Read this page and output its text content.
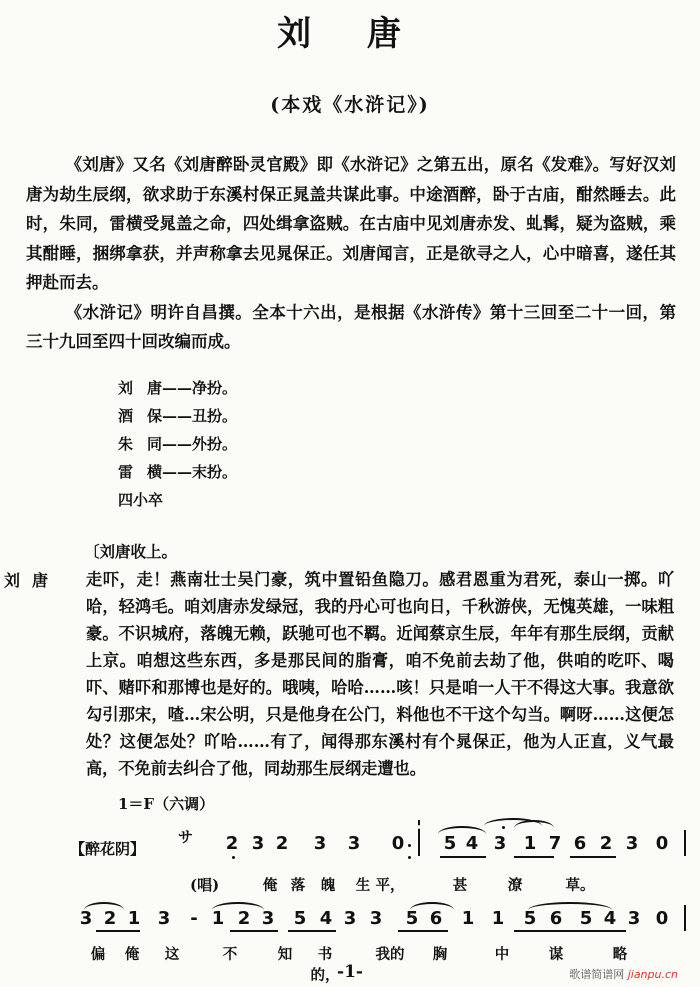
刘 唐
(本戏《水浒记》)

《刘唐》又名《刘唐醉卧灵官殿》即《水浒记》之第五出，原名《发难》。写好汉刘唐为劫生辰纲，欲求助于东溪村保正晁盖共谋此事。中途酒醉，卧于古庙，酣然睡去。此时，朱同，雷横受晁盖之命，四处缉拿盗贼。在古庙中见刘唐赤发、虬髯，疑为盗贼，乘其酣睡，捆绑拿获，并声称拿去见晁保正。刘唐闻言，正是欲寻之人，心中暗喜，遂任其押赴而去。

《水浒记》明许自昌撰。全本十六出，是根据《水浒传》第十三回至二十一回，第三十九回至四十回改编而成。

刘唐——净扮。
酒保——丑扮。
朱同——外扮。
雷横——末扮。
四小卒
〔刘唐收上。
刘唐 走吓，走！燕南壮士吴门豪，筑中置铅鱼隐刀。感君恩重为君死，泰山一掷。吖哈，轻鸿毛。咱刘唐赤发绿冠，我的丹心可也向日，千秋游侠，无愧英雄，一味粗豪。不识城府，落魄无赖，跃驰可也不羁。近闻蔡京生辰，年年有那生辰纲，贡献上京。咱想这些东西，多是那民间的脂膏，咱不免前去劫了他，供咱的吃吓、喝吓、赌吓和那博也是好的。哦咦，哈哈……咳！只是咱一人干不得这大事。我意欲勾引那宋，喳…宋公明，只是他身在公门，料他也不干这个勾当。啊呀……这便怎处？这便怎处？吖哈……有了，闻得那东溪村有个晁保正，他为人正直，义气最高，不免前去纠合了他，同劫那生辰纲走遭也。
1＝F（六调）
【醉花阴】
サ
(唱)
2 3 2 3 3 0 5 4 3 1 7 6 2 3 0
俺 落	魄	生 平，	甚	潦	草。
3 2 1 3	- 1 2 3 5 4 3 3 5 6 1 1 5 6 5 4 3 0
偏	俺	这	不	知	书的，
我的	胸	中	谋	略
-1-	歌谱简谱网 jianpu.cn
